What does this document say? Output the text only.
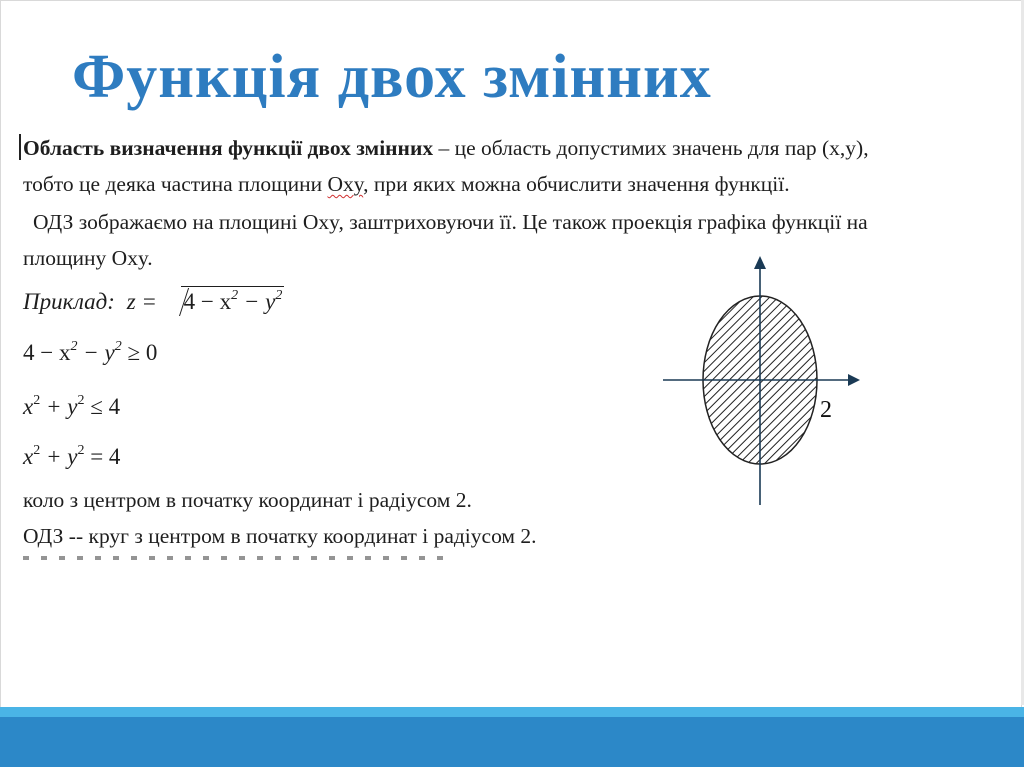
Функція двох змінних
Область визначення функції двох змінних – це область допустимих значень для пар (x,y),
тобто це деяка частина площини Oxy, при яких можна обчислити значення функції.
ОДЗ зображаємо на площині Oxy, заштриховуючи її. Це також проекція графіка функції на
площину Oxy.
Приклад: $z = 4 - x^2 - y^2$
$4 - x^2 - y^2 \ge 0$
$x^2 + y^2 \le 4$
$x^2 + y^2 = 4$
коло з центром в початку координат і радіусом 2.
ОДЗ -- круг з центром в початку координат і радіусом 2.
2
